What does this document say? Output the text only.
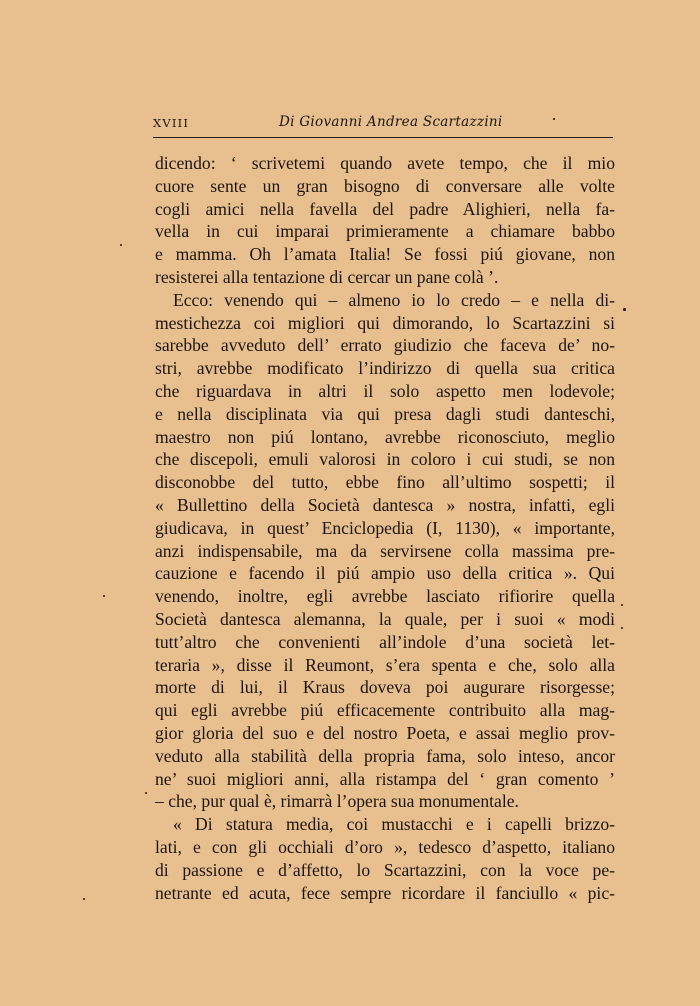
XVIII	Di Giovanni Andrea Scartazzini
dicendo: ‘ scrivetemi quando avete tempo, che il mio
cuore sente un gran bisogno di conversare alle volte
cogli amici nella favella del padre Alighieri, nella fa-
vella in cui imparai primieramente a chiamare babbo
e mamma. Oh l’amata Italia! Se fossi piú giovane, non
resisterei alla tentazione di cercar un pane colà ’.
Ecco: venendo qui – almeno io lo credo – e nella di-
mestichezza coi migliori qui dimorando, lo Scartazzini si
sarebbe avveduto dell’ errato giudizio che faceva de’ no-
stri, avrebbe modificato l’indirizzo di quella sua critica
che riguardava in altri il solo aspetto men lodevole;
e nella disciplinata via qui presa dagli studi danteschi,
maestro non piú lontano, avrebbe riconosciuto, meglio
che discepoli, emuli valorosi in coloro i cui studi, se non
disconobbe del tutto, ebbe fino all’ultimo sospetti; il
« Bullettino della Società dantesca » nostra, infatti, egli
giudicava, in quest’ Enciclopedia (I, 1130), « importante,
anzi indispensabile, ma da servirsene colla massima pre-
cauzione e facendo il piú ampio uso della critica ». Qui
venendo, inoltre, egli avrebbe lasciato rifiorire quella
Società dantesca alemanna, la quale, per i suoi « modi
tutt’altro che convenienti all’indole d’una società let-
teraria », disse il Reumont, s’era spenta e che, solo alla
morte di lui, il Kraus doveva poi augurare risorgesse;
qui egli avrebbe piú efficacemente contribuito alla mag-
gior gloria del suo e del nostro Poeta, e assai meglio prov-
veduto alla stabilità della propria fama, solo inteso, ancor
ne’ suoi migliori anni, alla ristampa del ‘ gran comento ’
– che, pur qual è, rimarrà l’opera sua monumentale.
« Di statura media, coi mustacchi e i capelli brizzo-
lati, e con gli occhiali d’oro », tedesco d’aspetto, italiano
di passione e d’affetto, lo Scartazzini, con la voce pe-
netrante ed acuta, fece sempre ricordare il fanciullo « pic-
